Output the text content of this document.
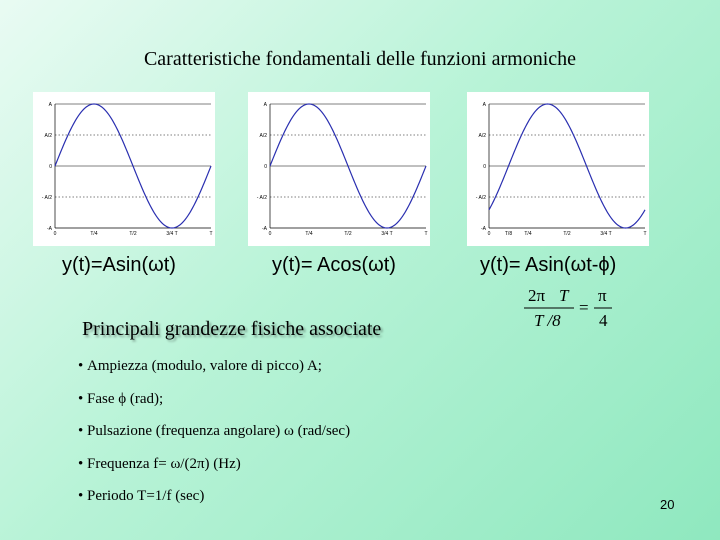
Caratteristiche fondamentali delle funzioni armoniche
A
A/2
0
- A/2
-A
0	T/4	T/2	3/4 T	T
A
A/2
0
- A/2
-A
0	T/4	T/2	3/4 T	T
A
A/2
0
- A/2
-A
0	T/8 T/4	T/2	3/4 T	T
y(t)=Asin(ωt)	y(t)= Acos(ωt)	y(t)= Asin(ωt-ϕ)
2π T
T /8
=
π
4
Principali grandezze fisiche associate
• Ampiezza (modulo, valore di picco) A;
• Fase ϕ (rad);
• Pulsazione (frequenza angolare) ω (rad/sec)
• Frequenza f= ω/(2π) (Hz)
• Periodo T=1/f (sec)
20
